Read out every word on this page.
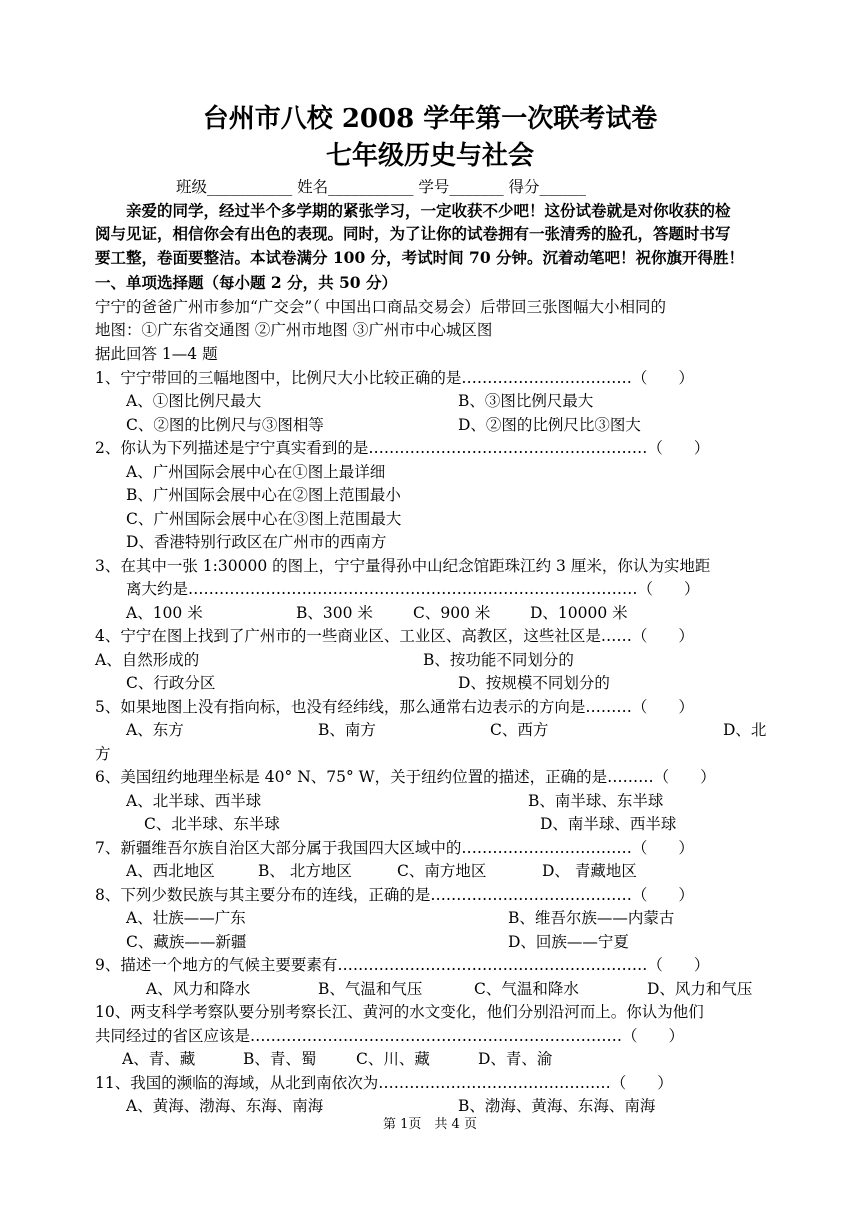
台州市八校 2008 学年第一次联考试卷
七年级历史与社会
班级___________ 姓名___________ 学号_______ 得分______
亲爱的同学，经过半个多学期的紧张学习，一定收获不少吧！这份试卷就是对你收获的检
阅与见证，相信你会有出色的表现。同时，为了让你的试卷拥有一张清秀的脸孔，答题时书写
要工整，卷面要整洁。本试卷满分 100 分，考试时间 70 分钟。沉着动笔吧！祝你旗开得胜！
一、单项选择题（每小题 2 分，共 50 分）
宁宁的爸爸广州市参加“广交会”（ 中国出口商品交易会）后带回三张图幅大小相同的
地图：①广东省交通图 ②广州市地图 ③广州市中心城区图
据此回答 1—4 题
1、宁宁带回的三幅地图中，比例尺大小比较正确的是……………………………（　　）
A、①图比例尺最大	B、③图比例尺最大
C、②图的比例尺与③图相等	D、②图的比例尺比③图大
2、你认为下列描述是宁宁真实看到的是………………………………………………（　　）
A、广州国际会展中心在①图上最详细
B、广州国际会展中心在②图上范围最小
C、广州国际会展中心在③图上范围最大
D、香港特别行政区在广州市的西南方
3、在其中一张 1:30000 的图上，宁宁量得孙中山纪念馆距珠江约 3 厘米，你认为实地距
离大约是……………………………………………………………………………（　　）
A、100 米	B、300 米	C、900 米	D、10000 米
4、宁宁在图上找到了广州市的一些商业区、工业区、高教区，这些社区是……（　　）
A、自然形成的	B、按功能不同划分的
C、行政分区	D、按规模不同划分的
5、如果地图上没有指向标，也没有经纬线，那么通常右边表示的方向是………（　　）
A、东方	B、南方	C、西方	D、北
方
6、美国纽约地理坐标是 40° N、75° W，关于纽约位置的描述，正确的是………（　　）
A、北半球、西半球	B、南半球、东半球
C、北半球、东半球	D、南半球、西半球
7、新疆维吾尔族自治区大部分属于我国四大区域中的……………………………（　　）
A、西北地区	B、 北方地区	C、南方地区	D、 青藏地区
8、下列少数民族与其主要分布的连线，正确的是…………………………………（　　）
A、壮族——广东	B、维吾尔族——内蒙古
C、藏族——新疆	D、回族——宁夏
9、描述一个地方的气候主要要素有……………………………………………………（　　）
A、风力和降水	B、气温和气压	C、气温和降水	D、风力和气压
10、两支科学考察队要分别考察长江、黄河的水文变化，他们分别沿河而上。你认为他们
共同经过的省区应该是………………………………………………………………（　　）
A、青、藏	B、青、蜀	C、川、藏	D、青、渝
11、我国的濒临的海域，从北到南依次为………………………………………（　　）
A、黄海、渤海、东海、南海	B、渤海、黄海、东海、南海
第 1页　共 4 页
